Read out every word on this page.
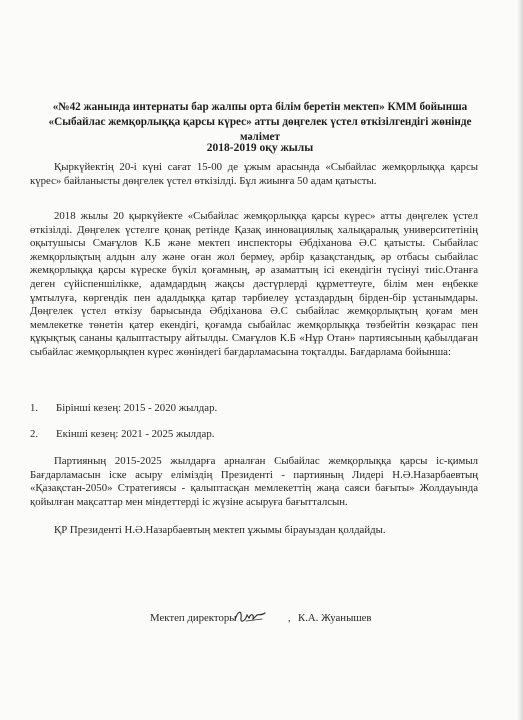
«№42 жанында интернаты бар жалпы орта білім беретін мектеп» КММ бойынша «Сыбайлас жемқорлыққа қарсы күрес» атты дөңгелек үстел өткізілгендігі жөнінде мәлімет
2018-2019 оқу жылы
Қыркүйектің 20-і күні сағат 15-00 де ұжым арасында «Сыбайлас жемқорлыққа қарсы күрес» байланысты дөңгелек үстел өткізілді. Бұл жиынға 50 адам қатысты.
2018 жылы 20 қыркүйекте «Сыбайлас жемқорлыққа қарсы күрес» атты дөңгелек үстел өткізілді. Дөңгелек үстелге қонақ ретінде Қазақ инновациялық халықаралық университетінің оқытушысы Смағұлов К.Б және мектеп инспекторы Әбдіханова Ә.С қатысты. Сыбайлас жемқорлықтың алдын алу және оған жол бермеу, әрбір қазақстандық, әр отбасы сыбайлас жемқорлыққа қарсы күреске бүкіл қоғамның, әр азаматтың ісі екендігін түсінуі тиіс.Отанға деген сүйіспеншілікке, адамдардың жақсы дәстүрлерді құрметтеуге, білім мен еңбекке ұмтылуға, көргендік пен адалдыққа қатар тәрбиелеу ұстаздардың бірден-бір ұстанымдары. Дөңгелек үстел өткізу барысында Әбдіханова Ә.С сыбайлас жемқорлықтың қоғам мен мемлекетке төнетін қатер екендігі, қоғамда сыбайлас жемқорлыққа төзбейтін көзқарас пен құқықтық сананы қалыптастыру айтылды. Смағұлов К.Б «Нұр Отан» партиясының қабылдаған сыбайлас жемқорлықпен күрес жөніндегі бағдарламасына тоқталды. Бағдарлама бойынша:
1. Бірінші кезең: 2015 - 2020 жылдар.
2. Екінші кезең: 2021 - 2025 жылдар.
Партияның 2015-2025 жылдарға арналған Сыбайлас жемқорлыққа қарсы іс-қимыл Бағдарламасын іске асыру еліміздің Президенті - партияның Лидері Н.Ә.Назарбаевтың «Қазақстан-2050» Стратегиясы - қалыптасқан мемлекеттің жаңа саяси бағыты» Жолдауында қойылған мақсаттар мен міндеттерді іс жүзіне асыруға бағытталсын.
ҚР Президенті Н.Ә.Назарбаевтың мектеп ұжымы бірауыздан қолдайды.
Мектеп директоры	, К.А. Жуанышев
